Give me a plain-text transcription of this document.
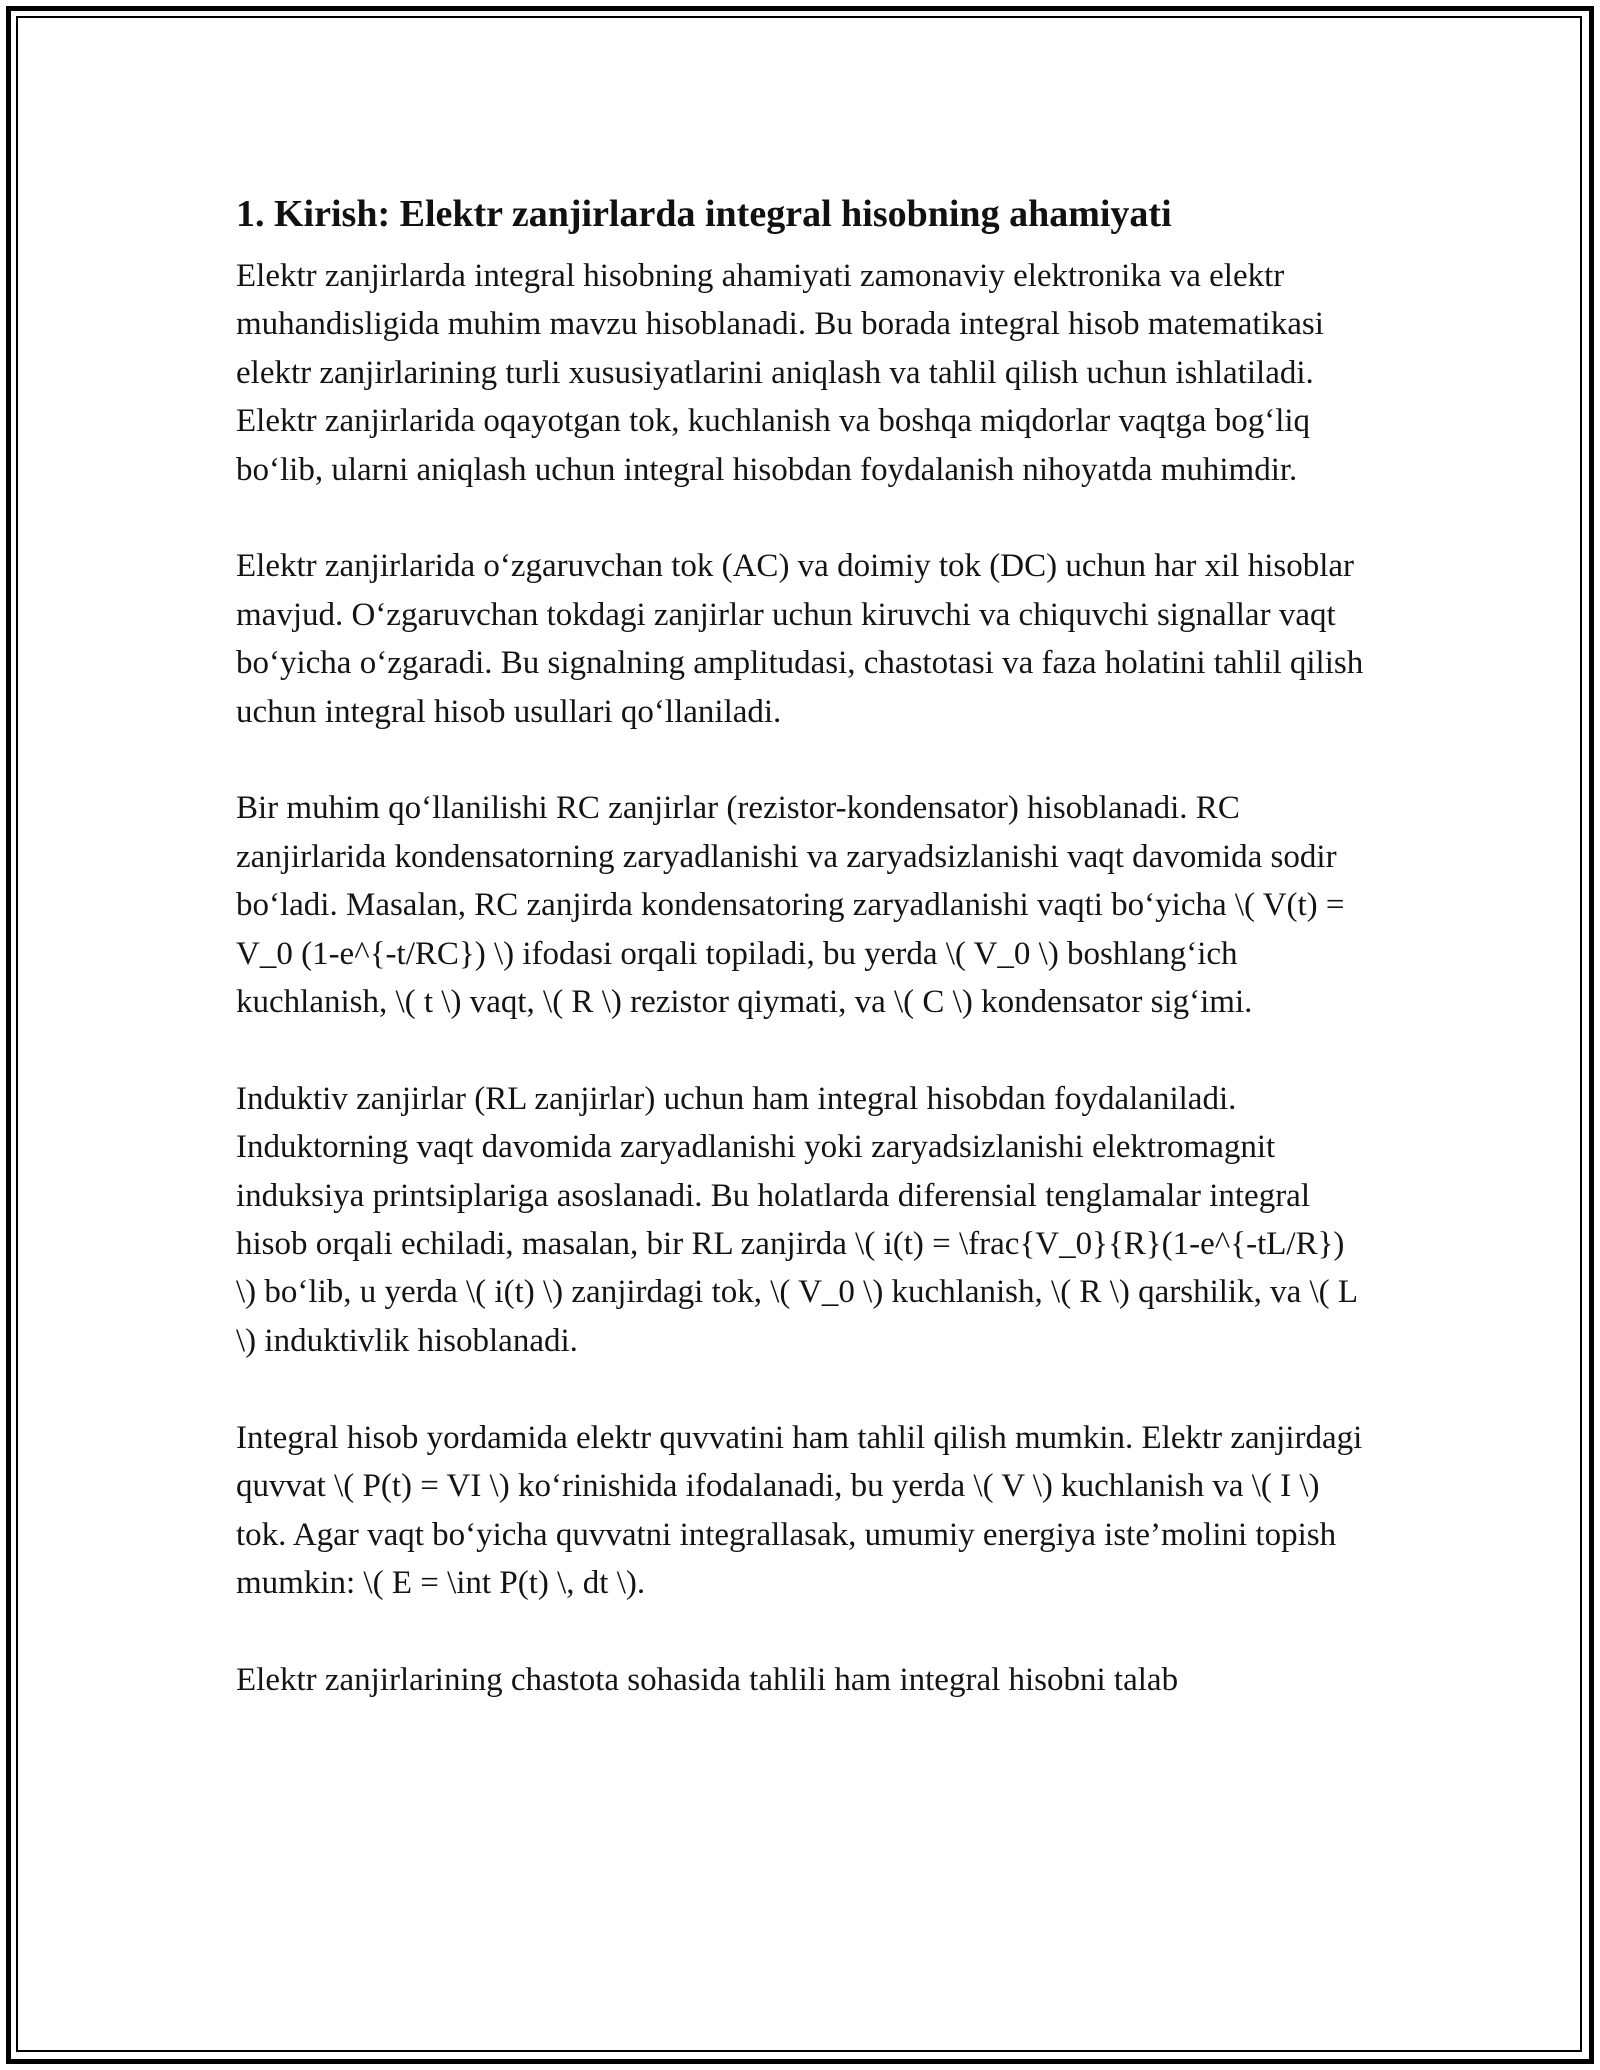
1. Kirish: Elektr zanjirlarda integral hisobning ahamiyati

Elektr zanjirlarda integral hisobning ahamiyati zamonaviy elektronika va elektr muhandisligida muhim mavzu hisoblanadi. Bu borada integral hisob matematikasi elektr zanjirlarining turli xususiyatlarini aniqlash va tahlil qilish uchun ishlatiladi. Elektr zanjirlarida oqayotgan tok, kuchlanish va boshqa miqdorlar vaqtga bog‘liq bo‘lib, ularni aniqlash uchun integral hisobdan foydalanish nihoyatda muhimdir.

Elektr zanjirlarida o‘zgaruvchan tok (AC) va doimiy tok (DC) uchun har xil hisoblar mavjud. O‘zgaruvchan tokdagi zanjirlar uchun kiruvchi va chiquvchi signallar vaqt bo‘yicha o‘zgaradi. Bu signalning amplitudasi, chastotasi va faza holatini tahlil qilish uchun integral hisob usullari qo‘llaniladi.

Bir muhim qo‘llanilishi RC zanjirlar (rezistor-kondensator) hisoblanadi. RC zanjirlarida kondensatorning zaryadlanishi va zaryadsizlanishi vaqt davomida sodir bo‘ladi. Masalan, RC zanjirda kondensatoring zaryadlanishi vaqti bo‘yicha \( V(t) = V_0 (1-e^{-t/RC}) \) ifodasi orqali topiladi, bu yerda \( V_0 \) boshlang‘ich kuchlanish, \( t \) vaqt, \( R \) rezistor qiymati, va \( C \) kondensator sig‘imi.

Induktiv zanjirlar (RL zanjirlar) uchun ham integral hisobdan foydalaniladi. Induktorning vaqt davomida zaryadlanishi yoki zaryadsizlanishi elektromagnit induksiya printsiplariga asoslanadi. Bu holatlarda diferensial tenglamalar integral hisob orqali echiladi, masalan, bir RL zanjirda \( i(t) = \frac{V_0}{R}(1-e^{-tL/R}) \) bo‘lib, u yerda \( i(t) \) zanjirdagi tok, \( V_0 \) kuchlanish, \( R \) qarshilik, va \( L \) induktivlik hisoblanadi.

Integral hisob yordamida elektr quvvatini ham tahlil qilish mumkin. Elektr zanjirdagi quvvat \( P(t) = VI \) ko‘rinishida ifodalanadi, bu yerda \( V \) kuchlanish va \( I \) tok. Agar vaqt bo‘yicha quvvatni integrallasak, umumiy energiya iste’molini topish mumkin: \( E = \int P(t) \, dt \).

Elektr zanjirlarining chastota sohasida tahlili ham integral hisobni talab
